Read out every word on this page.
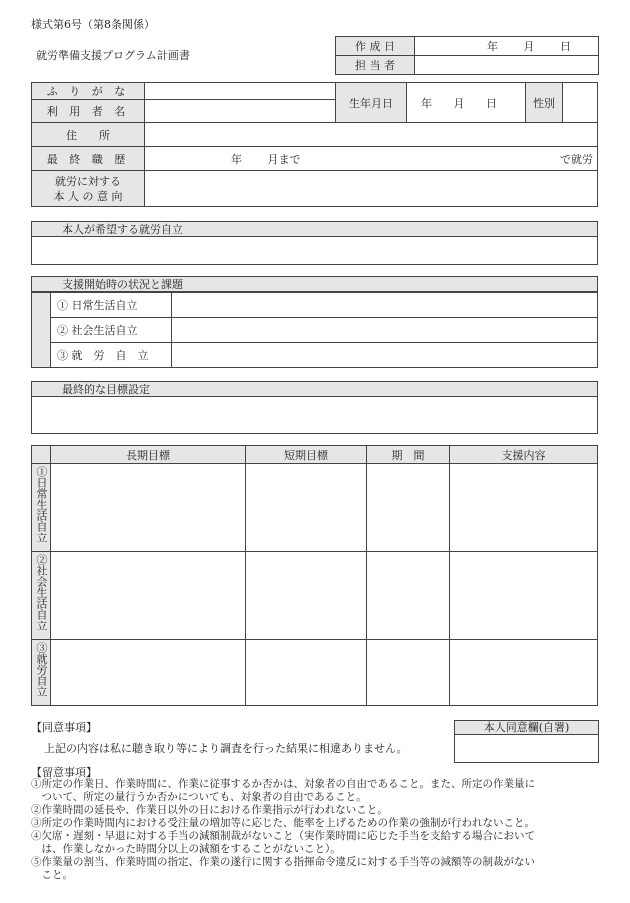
様式第6号（第8条関係）
就労準備支援プログラム計画書
作 成 日	年 月 日
担 当 者	
ふ り が な		生年月日	年 月 日	性別	
利 用 者 名					
住　　所					
最 終 職 歴	年 月まで で就労				

就労に対する
本 人 の 意 向					

本人が希望する就労自立
支援開始時の状況と課題
	① 日常生活自立	
	② 社会生活自立	
	③ 就　労　自　立	
最終的な目標設定
	長期目標	短期目標	期　間	支援内容

①日常生活自立				

②社会生活自立				

③就労自立				

【同意事項】
上記の内容は私に聴き取り等により調査を行った結果に相違ありません。
本人同意欄(自署)
【留意事項】
①所定の作業日、作業時間に、作業に従事するか否かは、対象者の自由であること。また、所定の作業量に
　ついて、所定の量行うか否かについても、対象者の自由であること。
②作業時間の延長や、作業日以外の日における作業指示が行われないこと。
③所定の作業時間内における受注量の増加等に応じた、能率を上げるための作業の強制が行われないこと。
④欠席・遅刻・早退に対する手当の減額制裁がないこと（実作業時間に応じた手当を支給する場合において
　は、作業しなかった時間分以上の減額をすることがないこと）。
⑤作業量の割当、作業時間の指定、作業の遂行に関する指揮命令違反に対する手当等の減額等の制裁がない
　こと。
